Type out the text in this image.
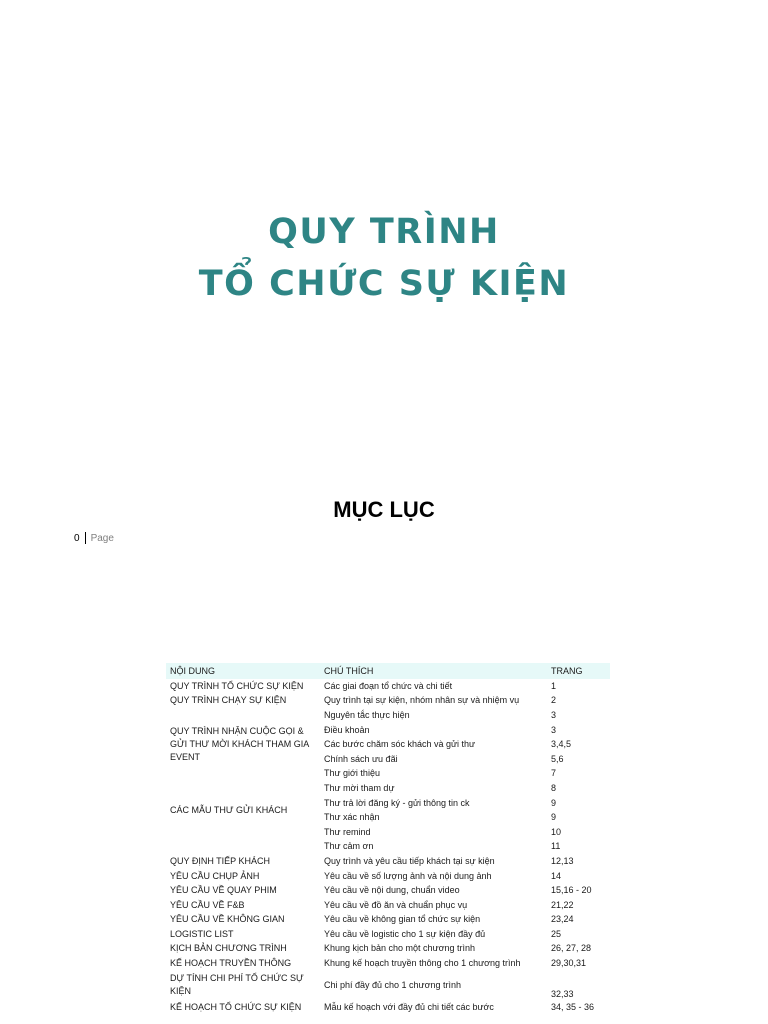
QUY TRÌNH
TỔ CHỨC SỰ KIỆN
MỤC LỤC
0 Page
NỘI DUNG	CHÚ THÍCH	TRANG
QUY TRÌNH TỔ CHỨC SỰ KIỆN	Các giai đoạn tổ chức và chi tiết	1
QUY TRÌNH CHẠY SỰ KIỆN	Quy trình tại sự kiện, nhóm nhân sự và nhiệm vụ	2
	Nguyên tắc thực hiện	3
QUY TRÌNH NHẬN CUỘC GỌI & GỬI THƯ MỜI KHÁCH THAM GIA EVENT	Điều khoản	3
	Các bước chăm sóc khách và gửi thư	3,4,5
	Chính sách ưu đãi	5,6
CÁC MẪU THƯ GỬI KHÁCH	Thư giới thiệu	7
	Thư mời tham dự	8
	Thư trả lời đăng ký - gửi thông tin ck	9
	Thư xác nhận	9
	Thư remind	10
	Thư cảm ơn	11
QUY ĐỊNH TIẾP KHÁCH	Quy trình và yêu cầu tiếp khách tại sự kiện	12,13
YÊU CẦU CHỤP ẢNH	Yêu cầu về số lượng ảnh và nội dung ảnh	14
YÊU CẦU VỀ QUAY PHIM	Yêu cầu về nội dung, chuẩn video	15,16 - 20
YÊU CẦU VỀ F&B	Yêu cầu về đồ ăn và chuẩn phục vụ	21,22
YÊU CẦU VỀ KHÔNG GIAN	Yêu cầu về không gian tổ chức sự kiện	23,24
LOGISTIC LIST	Yêu cầu về logistic cho 1 sự kiện đầy đủ	25
KỊCH BẢN CHƯƠNG TRÌNH	Khung kịch bản cho một chương trình	26, 27, 28
KẾ HOẠCH TRUYỀN THÔNG	Khung kế hoạch truyền thông cho 1 chương trình	29,30,31
DỰ TÍNH CHI PHÍ TỔ CHỨC SỰ KIỆN	Chi phí đầy đủ cho 1 chương trình	32,33
KẾ HOẠCH TỔ CHỨC SỰ KIỆN	Mẫu kế hoạch với đầy đủ chi tiết các bước	34, 35 - 36
